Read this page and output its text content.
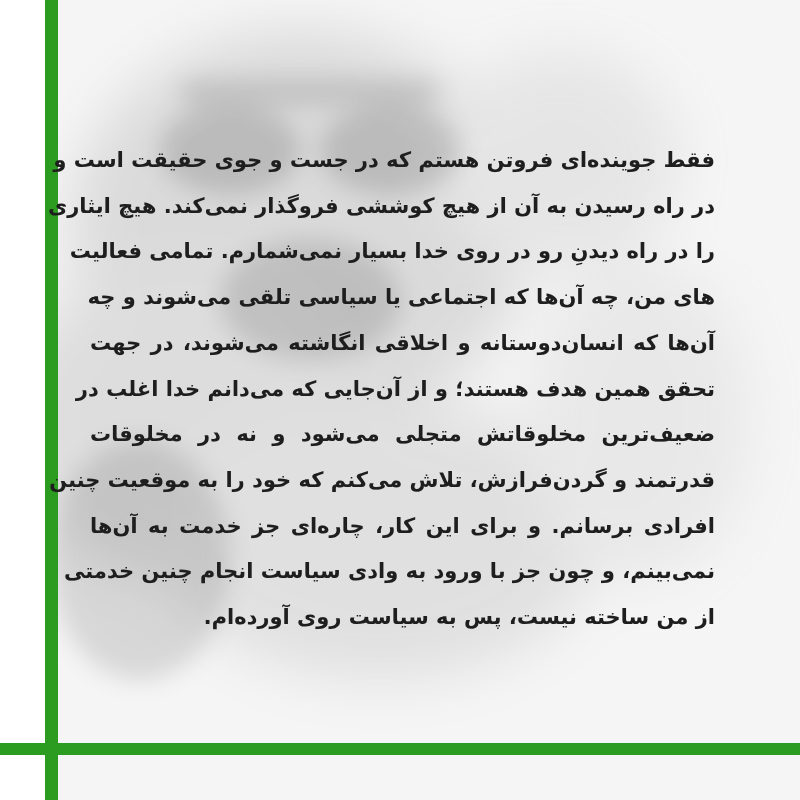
فقط جوینده‌ای فروتن هستم که در جست و جوی حقیقت است و
در راه رسیدن به آن از هیچ کوششی فروگذار نمی‌کند. هیچ ایثاری
را در راه دیدنِ رو در روی خدا بسیار نمی‌شمارم. تمامی فعالیت
های من، چه آن‌ها که اجتماعی یا سیاسی تلقی می‌شوند و چه
آن‌ها که انسان‌دوستانه و اخلاقی انگاشته می‌شوند، در جهت
تحقق همین هدف هستند؛ و از آن‌جایی که می‌دانم خدا اغلب در
ضعیف‌ترین مخلوقاتش متجلی می‌شود و نه در مخلوقات
قدرتمند و گردن‌فرازش، تلاش می‌کنم که خود را به موقعیت چنین
افرادی برسانم. و برای این کار، چاره‌ای جز خدمت به آن‌ها
نمی‌بینم، و چون جز با ورود به وادی سیاست انجام چنین خدمتی
از من ساخته نیست، پس به سیاست روی آورده‌ام.
